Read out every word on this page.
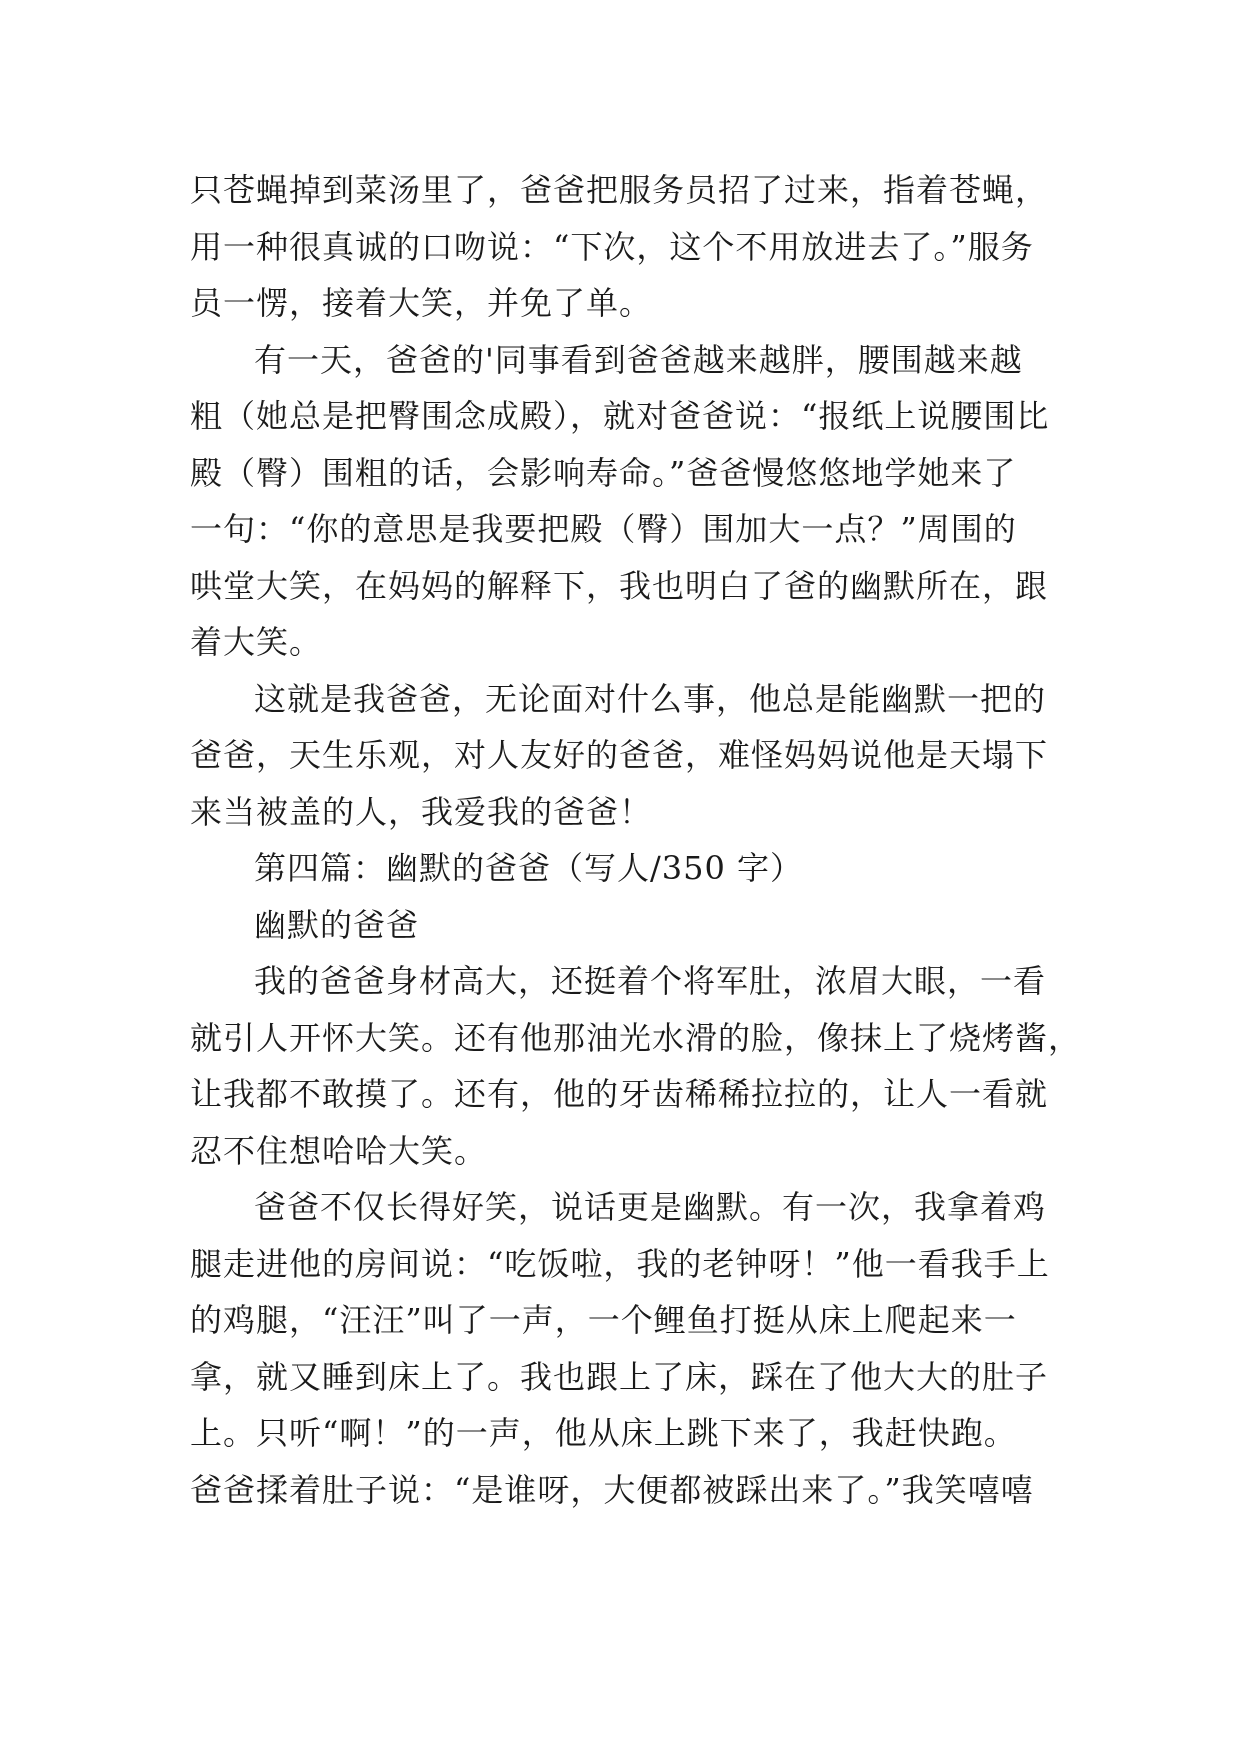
只苍蝇掉到菜汤里了，爸爸把服务员招了过来，指着苍蝇，
用一种很真诚的口吻说：“下次，这个不用放进去了。”服务
员一愣，接着大笑，并免了单。
有一天，爸爸的'同事看到爸爸越来越胖，腰围越来越
粗（她总是把臀围念成殿），就对爸爸说：“报纸上说腰围比
殿（臀）围粗的话，会影响寿命。”爸爸慢悠悠地学她来了
一句：“你的意思是我要把殿（臀）围加大一点？”周围的
哄堂大笑，在妈妈的解释下，我也明白了爸的幽默所在，跟
着大笑。
这就是我爸爸，无论面对什么事，他总是能幽默一把的
爸爸，天生乐观，对人友好的爸爸，难怪妈妈说他是天塌下
来当被盖的人，我爱我的爸爸！
第四篇：幽默的爸爸（写人/350 字）
幽默的爸爸
我的爸爸身材高大，还挺着个将军肚，浓眉大眼，一看
就引人开怀大笑。还有他那油光水滑的脸，像抹上了烧烤酱，
让我都不敢摸了。还有，他的牙齿稀稀拉拉的，让人一看就
忍不住想哈哈大笑。
爸爸不仅长得好笑，说话更是幽默。有一次，我拿着鸡
腿走进他的房间说：“吃饭啦，我的老钟呀！”他一看我手上
的鸡腿，“汪汪”叫了一声，一个鲤鱼打挺从床上爬起来一
拿，就又睡到床上了。我也跟上了床，踩在了他大大的肚子
上。只听“啊！”的一声，他从床上跳下来了，我赶快跑。
爸爸揉着肚子说：“是谁呀，大便都被踩出来了。”我笑嘻嘻
